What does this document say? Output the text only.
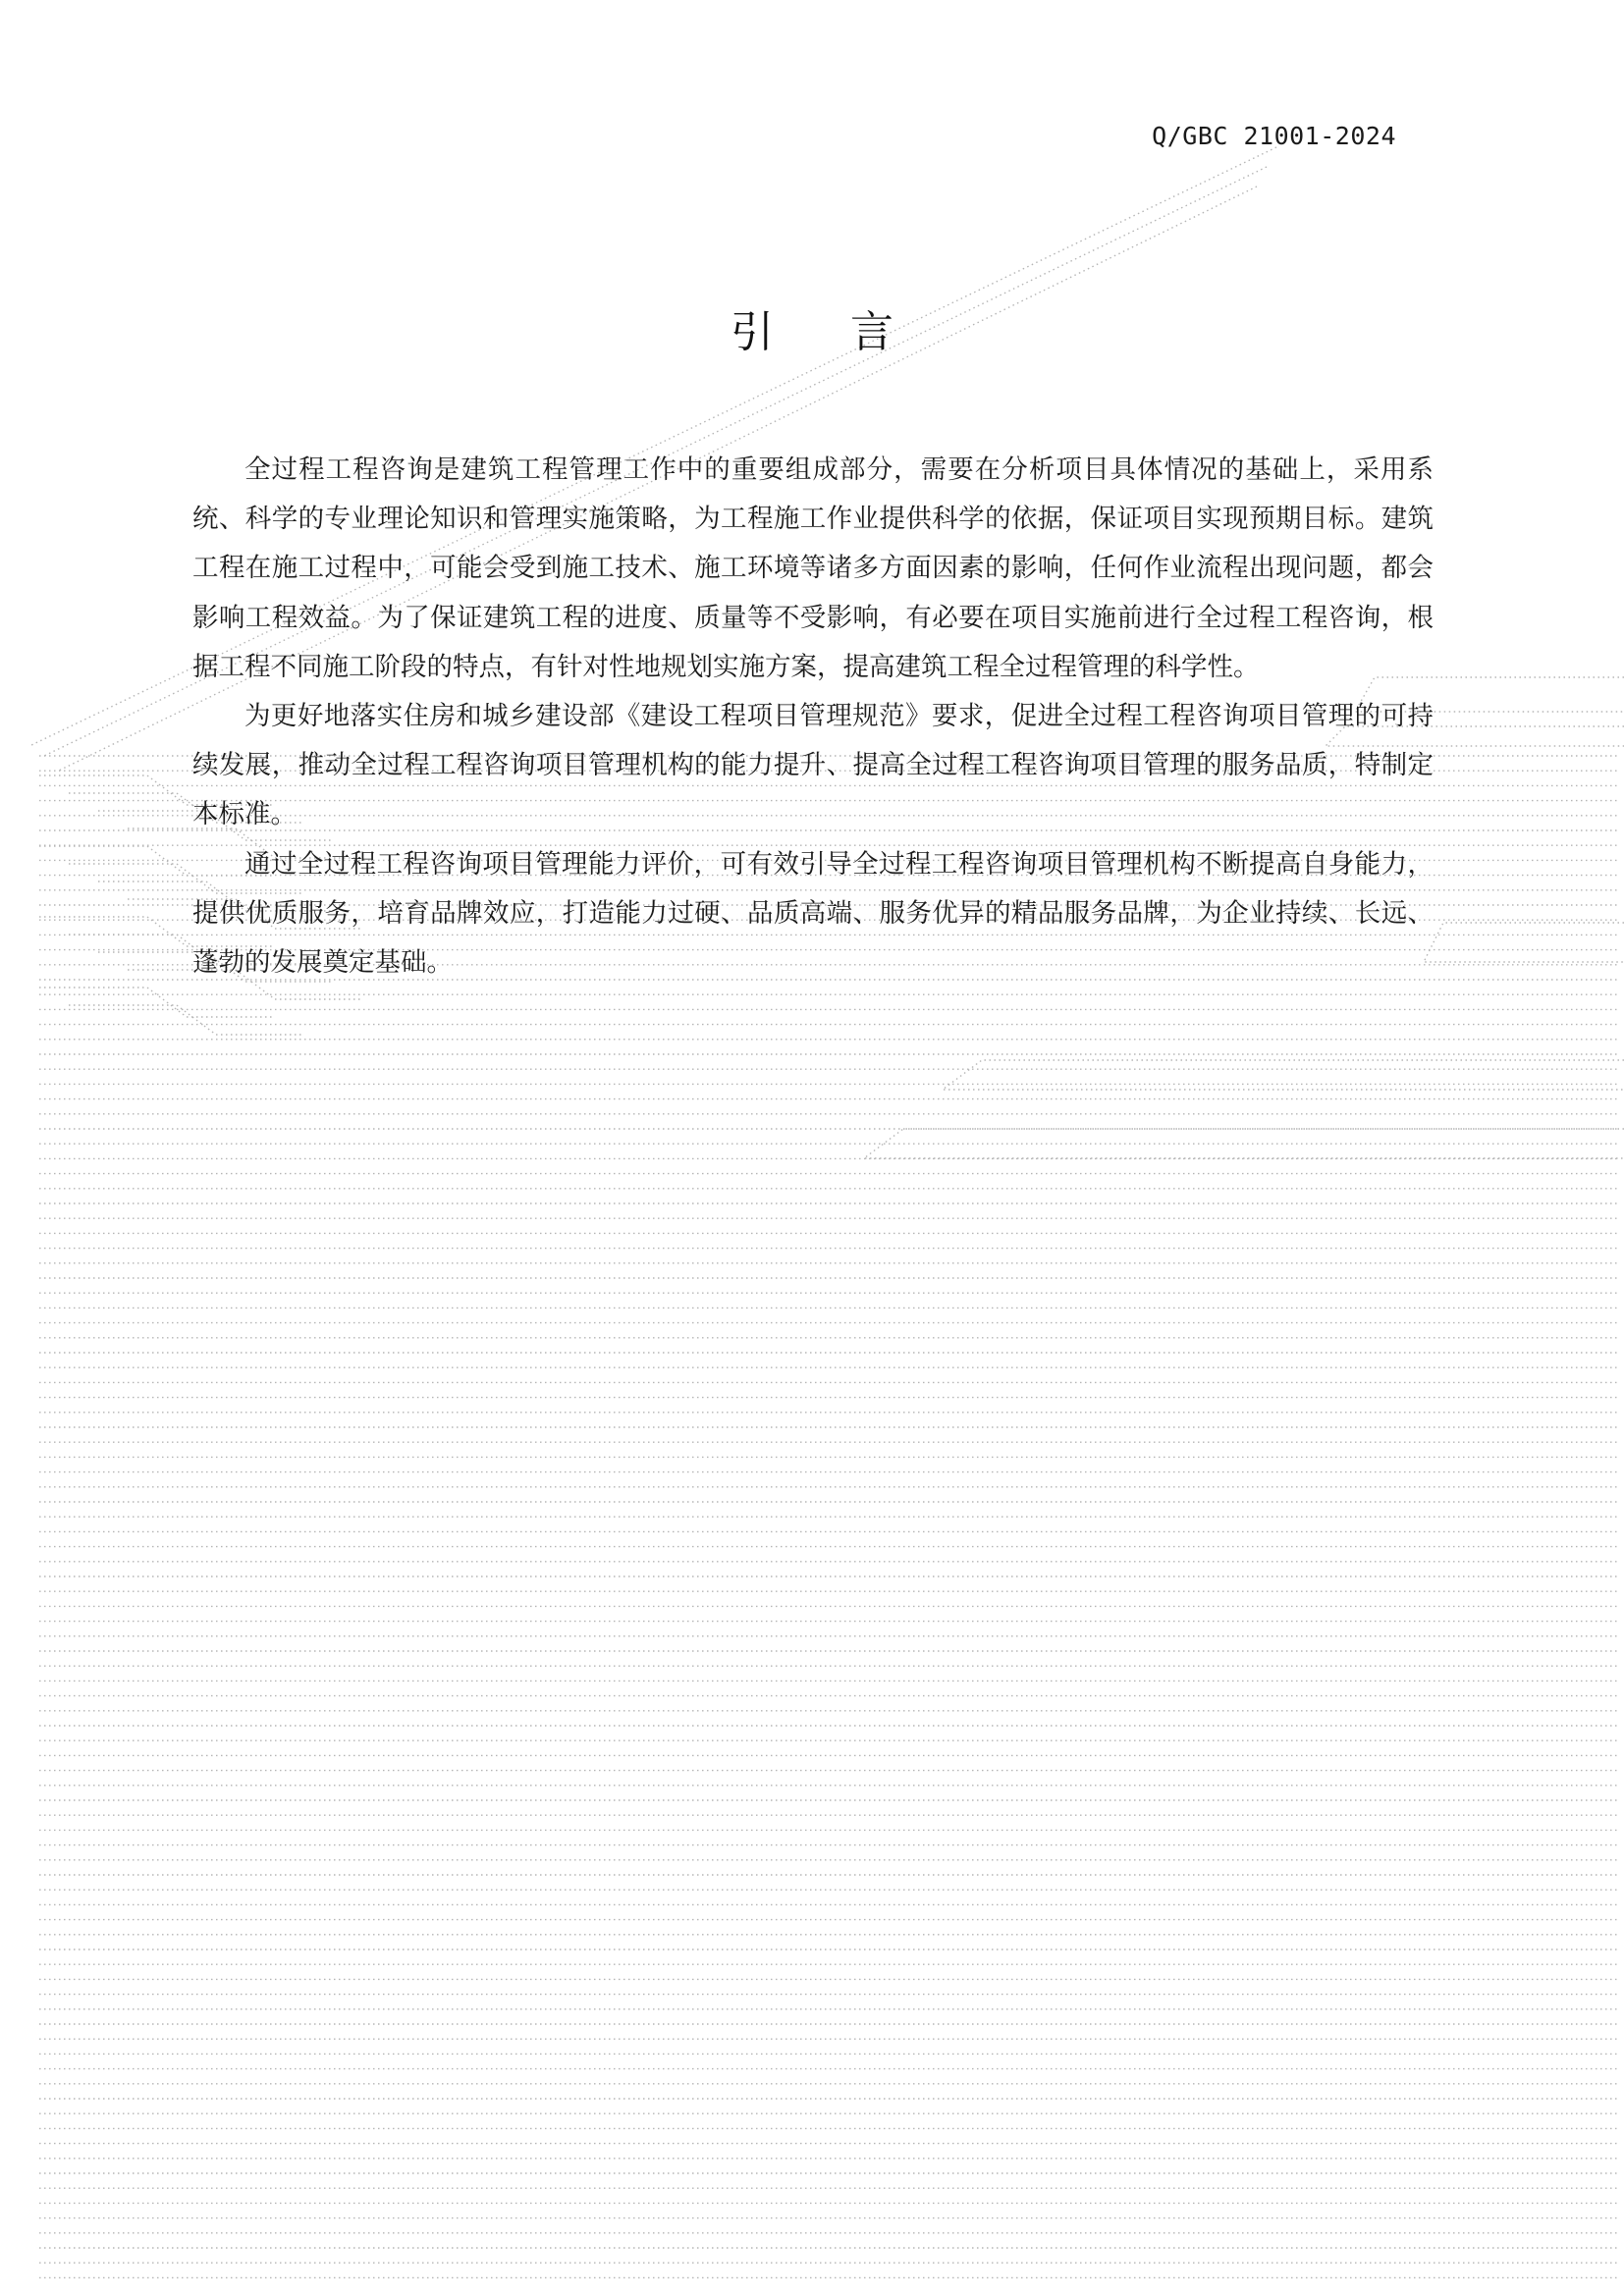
Q/GBC 21001-2024
引言

全过程工程咨询是建筑工程管理工作中的重要组成部分，需要在分析项目具体情况的基础上，采用系统、科学的专业理论知识和管理实施策略，为工程施工作业提供科学的依据，保证项目实现预期目标。建筑工程在施工过程中，可能会受到施工技术、施工环境等诸多方面因素的影响，任何作业流程出现问题，都会影响工程效益。为了保证建筑工程的进度、质量等不受影响，有必要在项目实施前进行全过程工程咨询，根据工程不同施工阶段的特点，有针对性地规划实施方案，提高建筑工程全过程管理的科学性。

为更好地落实住房和城乡建设部《建设工程项目管理规范》要求，促进全过程工程咨询项目管理的可持续发展，推动全过程工程咨询项目管理机构的能力提升、提高全过程工程咨询项目管理的服务品质，特制定本标准。

通过全过程工程咨询项目管理能力评价，可有效引导全过程工程咨询项目管理机构不断提高自身能力，提供优质服务，培育品牌效应，打造能力过硬、品质高端、服务优异的精品服务品牌，为企业持续、长远、蓬勃的发展奠定基础。
